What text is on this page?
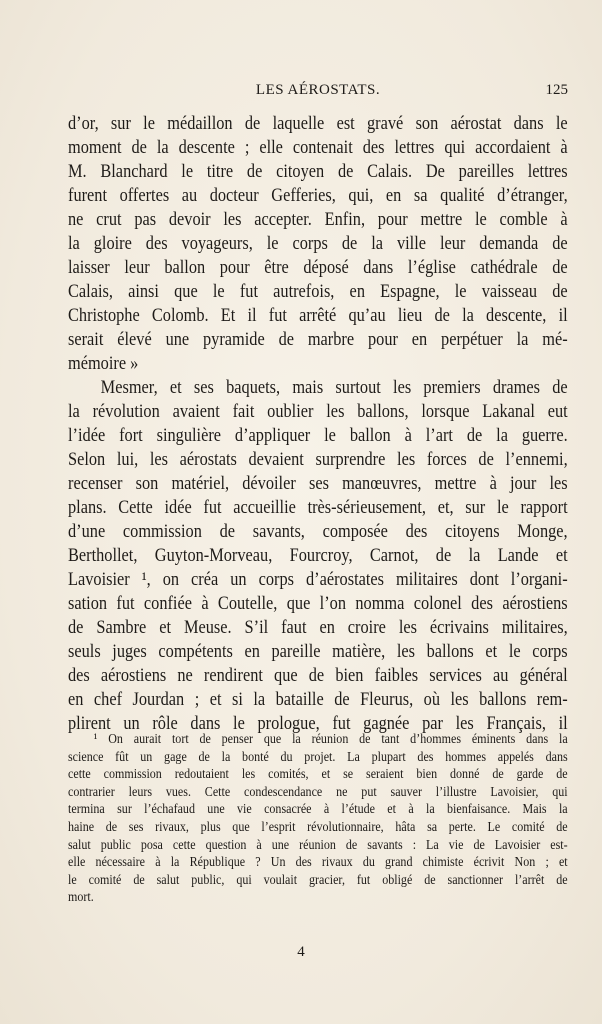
LES AÉROSTATS.	125
d’or, sur le médaillon de laquelle est gravé son aérostat dans le
moment de la descente ; elle contenait des lettres qui accordaient à
M. Blanchard le titre de citoyen de Calais. De pareilles lettres
furent offertes au docteur Gefferies, qui, en sa qualité d’étranger,
ne crut pas devoir les accepter. Enfin, pour mettre le comble à
la gloire des voyageurs, le corps de la ville leur demanda de
laisser leur ballon pour être déposé dans l’église cathédrale de
Calais, ainsi que le fut autrefois, en Espagne, le vaisseau de
Christophe Colomb. Et il fut arrêté qu’au lieu de la descente, il
serait élevé une pyramide de marbre pour en perpétuer la mé-
mémoire »
Mesmer, et ses baquets, mais surtout les premiers drames de
la révolution avaient fait oublier les ballons, lorsque Lakanal eut
l’idée fort singulière d’appliquer le ballon à l’art de la guerre.
Selon lui, les aérostats devaient surprendre les forces de l’ennemi,
recenser son matériel, dévoiler ses manœuvres, mettre à jour les
plans. Cette idée fut accueillie très-sérieusement, et, sur le rapport
d’une commission de savants, composée des citoyens Monge,
Berthollet, Guyton-Morveau, Fourcroy, Carnot, de la Lande et
Lavoisier ¹, on créa un corps d’aérostates militaires dont l’organi-
sation fut confiée à Coutelle, que l’on nomma colonel des aérostiens
de Sambre et Meuse. S’il faut en croire les écrivains militaires,
seuls juges compétents en pareille matière, les ballons et le corps
des aérostiens ne rendirent que de bien faibles services au général
en chef Jourdan ; et si la bataille de Fleurus, où les ballons rem-
plirent un rôle dans le prologue, fut gagnée par les Français, il
¹ On aurait tort de penser que la réunion de tant d’hommes éminents dans la
science fût un gage de la bonté du projet. La plupart des hommes appelés dans
cette commission redoutaient les comités, et se seraient bien donné de garde de
contrarier leurs vues. Cette condescendance ne put sauver l’illustre Lavoisier, qui
termina sur l’échafaud une vie consacrée à l’étude et à la bienfaisance. Mais la
haine de ses rivaux, plus que l’esprit révolutionnaire, hâta sa perte. Le comité de
salut public posa cette question à une réunion de savants : La vie de Lavoisier est-
elle nécessaire à la République ? Un des rivaux du grand chimiste écrivit Non ; et
le comité de salut public, qui voulait gracier, fut obligé de sanctionner l’arrêt de
mort.
4
